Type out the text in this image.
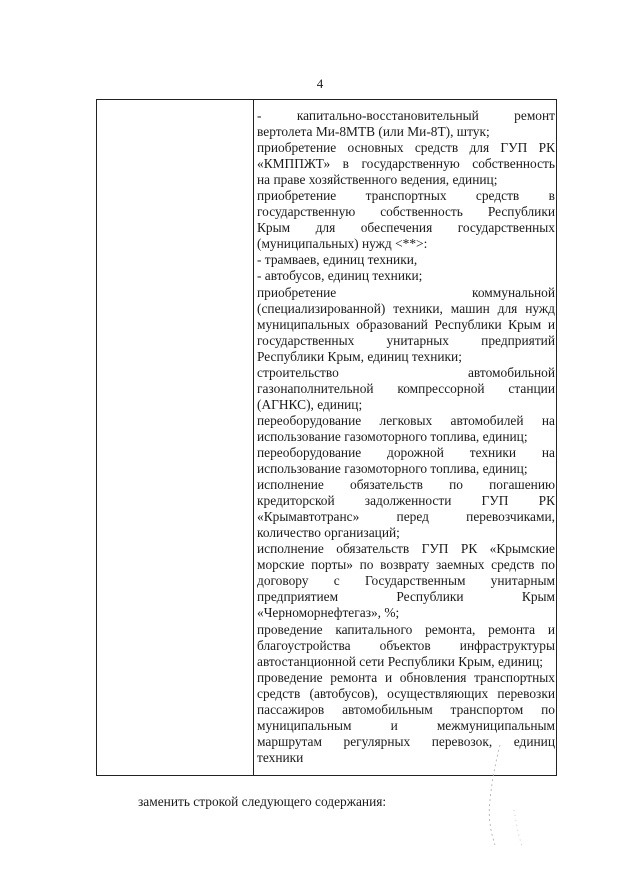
4
- капитально-восстановительный ремонт
вертолета Ми-8МТВ (или Ми-8Т), штук;
приобретение основных средств для ГУП РК
«КМППЖТ» в государственную собственность
на праве хозяйственного ведения, единиц;
приобретение транспортных средств в
государственную собственность Республики
Крым для обеспечения государственных
(муниципальных) нужд <**>:
- трамваев, единиц техники,
- автобусов, единиц техники;
приобретение коммунальной
(специализированной) техники, машин для нужд
муниципальных образований Республики Крым и
государственных унитарных предприятий
Республики Крым, единиц техники;
строительство автомобильной
газонаполнительной компрессорной станции
(АГНКС), единиц;
переоборудование легковых автомобилей на
использование газомоторного топлива, единиц;
переоборудование дорожной техники на
использование газомоторного топлива, единиц;
исполнение обязательств по погашению
кредиторской задолженности ГУП РК
«Крымавтотранс» перед перевозчиками,
количество организаций;
исполнение обязательств ГУП РК «Крымские
морские порты» по возврату заемных средств по
договору с Государственным унитарным
предприятием Республики Крым
«Черноморнефтегаз», %;
проведение капитального ремонта, ремонта и
благоустройства объектов инфраструктуры
автостанционной сети Республики Крым, единиц;
проведение ремонта и обновления транспортных
средств (автобусов), осуществляющих перевозки
пассажиров автомобильным транспортом по
муниципальным и межмуниципальным
маршрутам регулярных перевозок, единиц
техники
заменить строкой следующего содержания:
